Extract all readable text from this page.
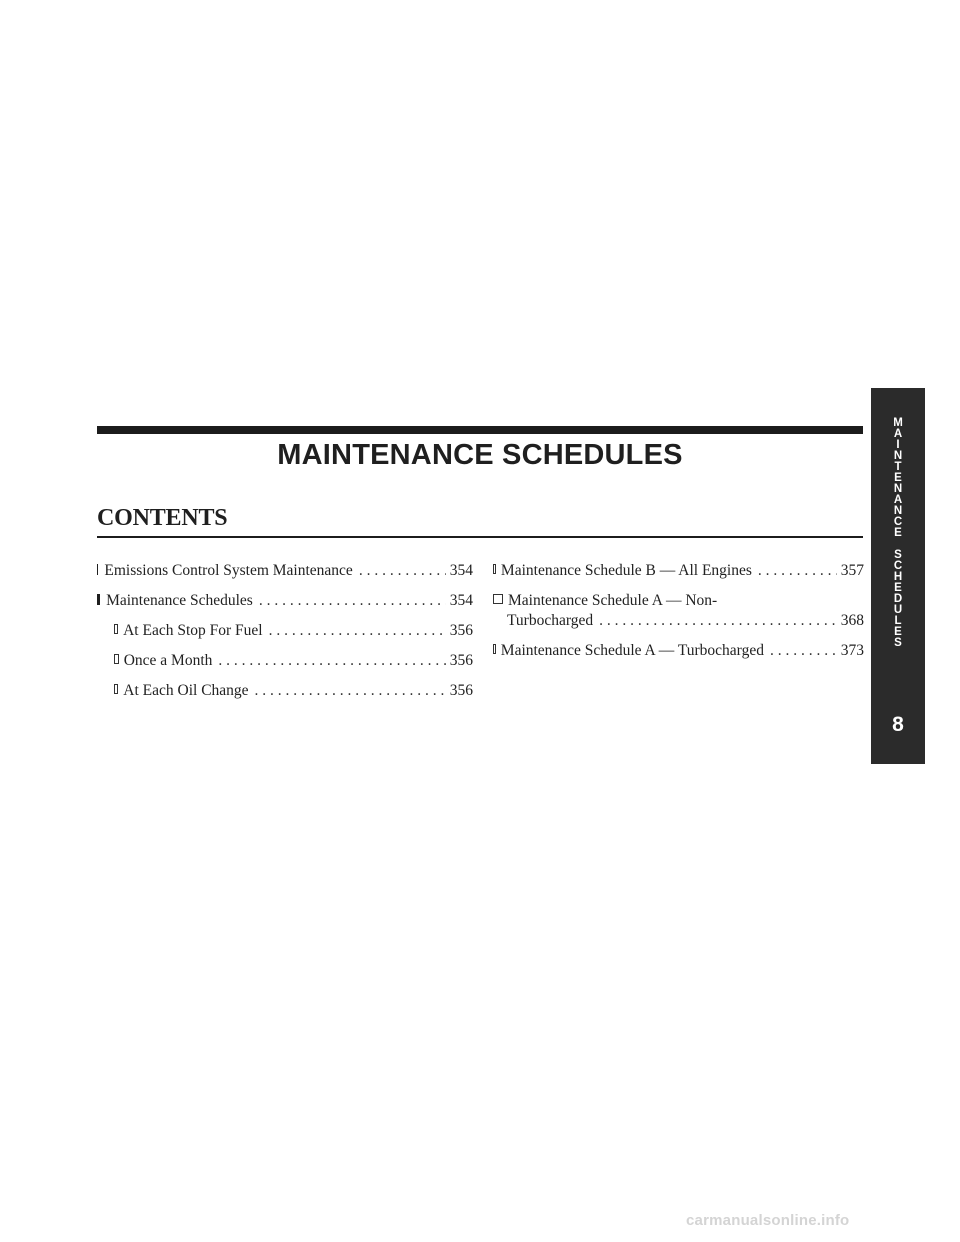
MAINTENANCE SCHEDULES
CONTENTS
Emissions Control System Maintenance . . .	354
Maintenance Schedules . . .	354
At Each Stop For Fuel . . .	356
Once a Month . . .	356
At Each Oil Change . . .	356
Maintenance Schedule B — All Engines . . .	357
Maintenance Schedule A — Non-
Turbocharged . . .	368
Maintenance Schedule A — Turbocharged . . .	373
M
A
I
N
T
E
N
A
N
C
E
S
C
H
E
D
U
L
E
S
8
carmanualsonline.info
